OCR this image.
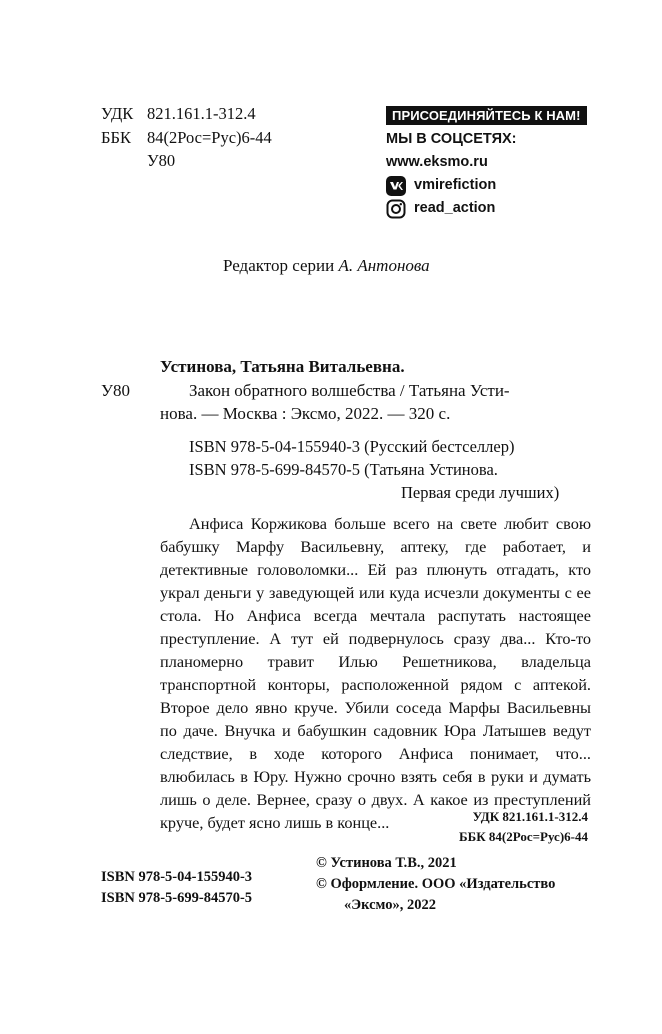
УДК 821.161.1-312.4
ББК 84(2Рос=Рус)6-44
У80
ПРИСОЕДИНЯЙТЕСЬ К НАМ!
МЫ В СОЦСЕТЯХ:
www.eksmo.ru
vmirefiction
read_action
Редактор серии А. Антонова
Устинова, Татьяна Витальевна.
У80	Закон обратного волшебства / Татьяна Усти-
нова. — Москва : Эксмо, 2022. — 320 с.
ISBN 978-5-04-155940-3 (Русский бестселлер)
ISBN 978-5-699-84570-5 (Татьяна Устинова.
Первая среди лучших)
Анфиса Коржикова больше всего на свете любит свою бабушку Марфу Васильевну, аптеку, где работает, и детективные головоломки... Ей раз плюнуть отгадать, кто украл деньги у заведующей или куда исчезли документы с ее стола. Но Анфиса всегда мечтала распутать настоящее преступление. А тут ей подвернулось сразу два... Кто-то планомерно травит Илью Решетникова, владельца транспортной конторы, расположенной рядом с аптекой. Второе дело явно круче. Убили соседа Марфы Васильевны по даче. Внучка и бабушкин садовник Юра Латышев ведут следствие, в ходе которого Анфиса понимает, что... влюбилась в Юру. Нужно срочно взять себя в руки и думать лишь о деле. Вернее, сразу о двух. А какое из преступлений круче, будет ясно лишь в конце...	УДК 821.161.1-312.4
ББК 84(2Рос=Рус)6-44
ISBN 978-5-04-155940-3
ISBN 978-5-699-84570-5
© Устинова Т.В., 2021
© Оформление. ООО «Издательство
«Эксмо», 2022
